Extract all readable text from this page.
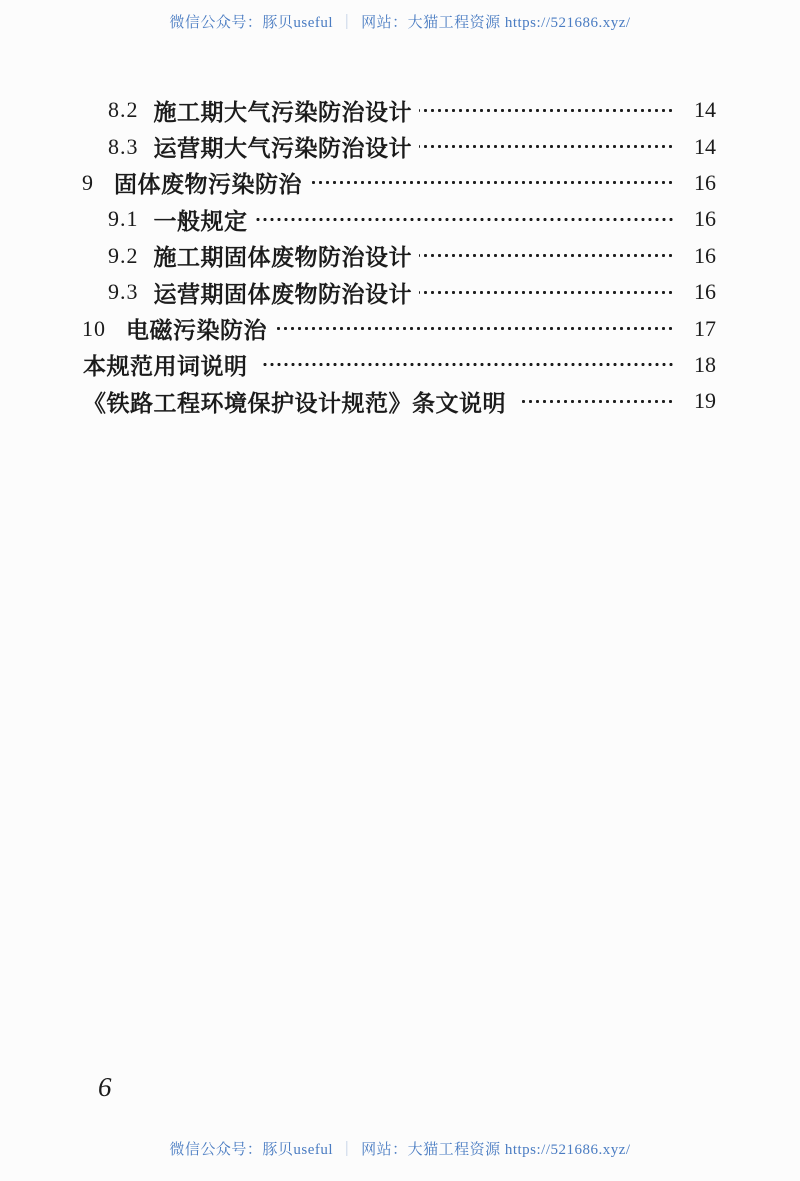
微信公众号：豚贝useful ｜ 网站：大猫工程资源 https://521686.xyz/
8.2 施工期大气污染防治设计	14
8.3 运营期大气污染防治设计	14
9 固体废物污染防治	16
9.1 一般规定	16
9.2 施工期固体废物防治设计	16
9.3 运营期固体废物防治设计	16
10 电磁污染防治	17
本规范用词说明	18
《铁路工程环境保护设计规范》条文说明	19
6
微信公众号：豚贝useful ｜ 网站：大猫工程资源 https://521686.xyz/
